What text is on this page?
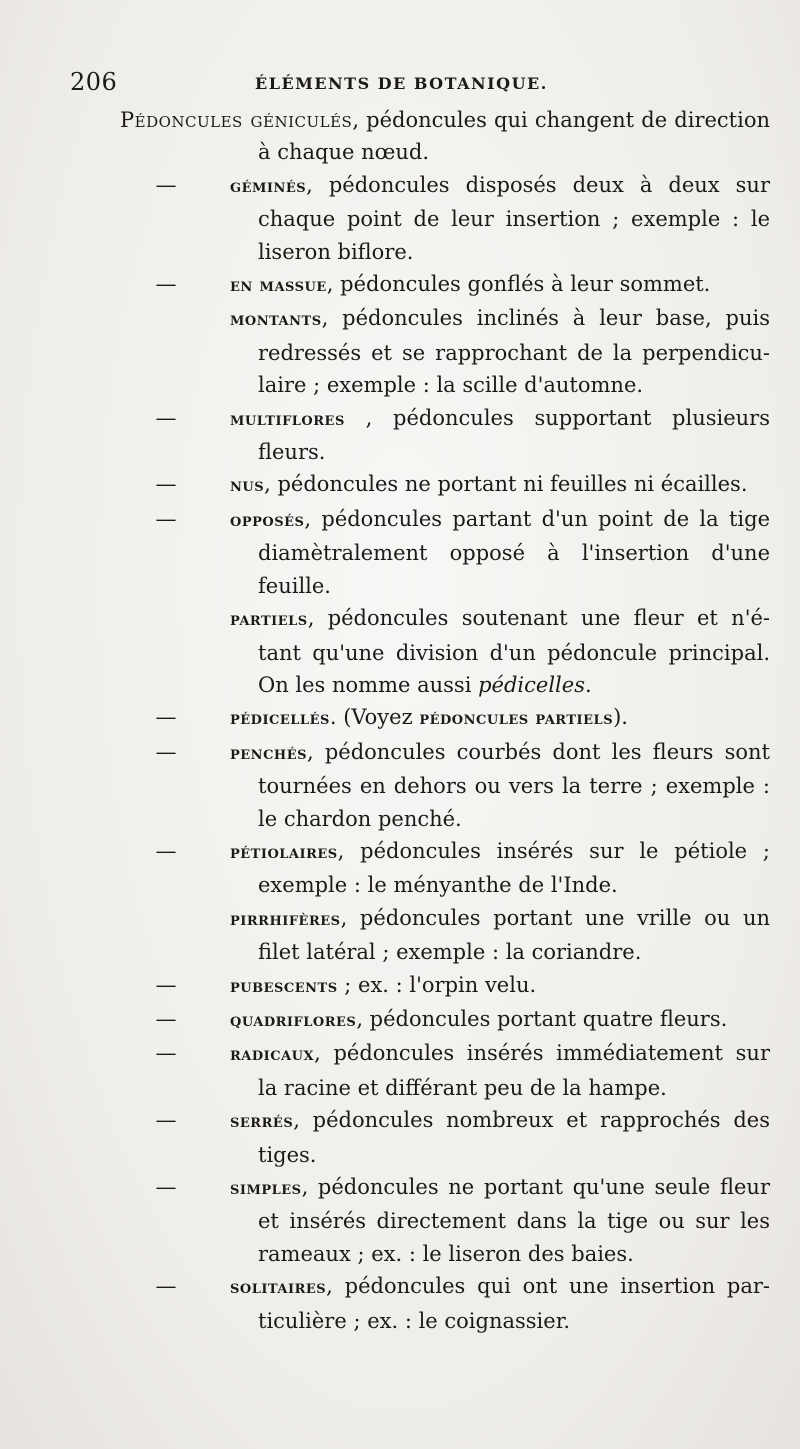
206	ÉLÉMENTS DE BOTANIQUE.
Pédoncules géniculés, pédoncules qui changent de direction
à chaque nœud.
—	géminés, pédoncules disposés deux à deux sur
chaque point de leur insertion ; exemple : le
liseron biflore.
—	en massue, pédoncules gonflés à leur sommet.
montants, pédoncules inclinés à leur base, puis
redressés et se rapprochant de la perpendicu-
laire ; exemple : la scille d'automne.
—	multiflores , pédoncules supportant plusieurs
fleurs.
—	nus, pédoncules ne portant ni feuilles ni écailles.
—	opposés, pédoncules partant d'un point de la tige
diamètralement opposé à l'insertion d'une
feuille.
partiels, pédoncules soutenant une fleur et n'é-
tant qu'une division d'un pédoncule principal.
On les nomme aussi pédicelles.
—	pédicellés. (Voyez pédoncules partiels).
—	penchés, pédoncules courbés dont les fleurs sont
tournées en dehors ou vers la terre ; exemple :
le chardon penché.
—	pétiolaires, pédoncules insérés sur le pétiole ;
exemple : le ményanthe de l'Inde.
pirrhifères, pédoncules portant une vrille ou un
filet latéral ; exemple : la coriandre.
—	pubescents ; ex. : l'orpin velu.
—	quadriflores, pédoncules portant quatre fleurs.
—	radicaux, pédoncules insérés immédiatement sur
la racine et différant peu de la hampe.
—	serrés, pédoncules nombreux et rapprochés des
tiges.
—	simples, pédoncules ne portant qu'une seule fleur
et insérés directement dans la tige ou sur les
rameaux ; ex. : le liseron des baies.
—	solitaires, pédoncules qui ont une insertion par-
ticulière ; ex. : le coignassier.
